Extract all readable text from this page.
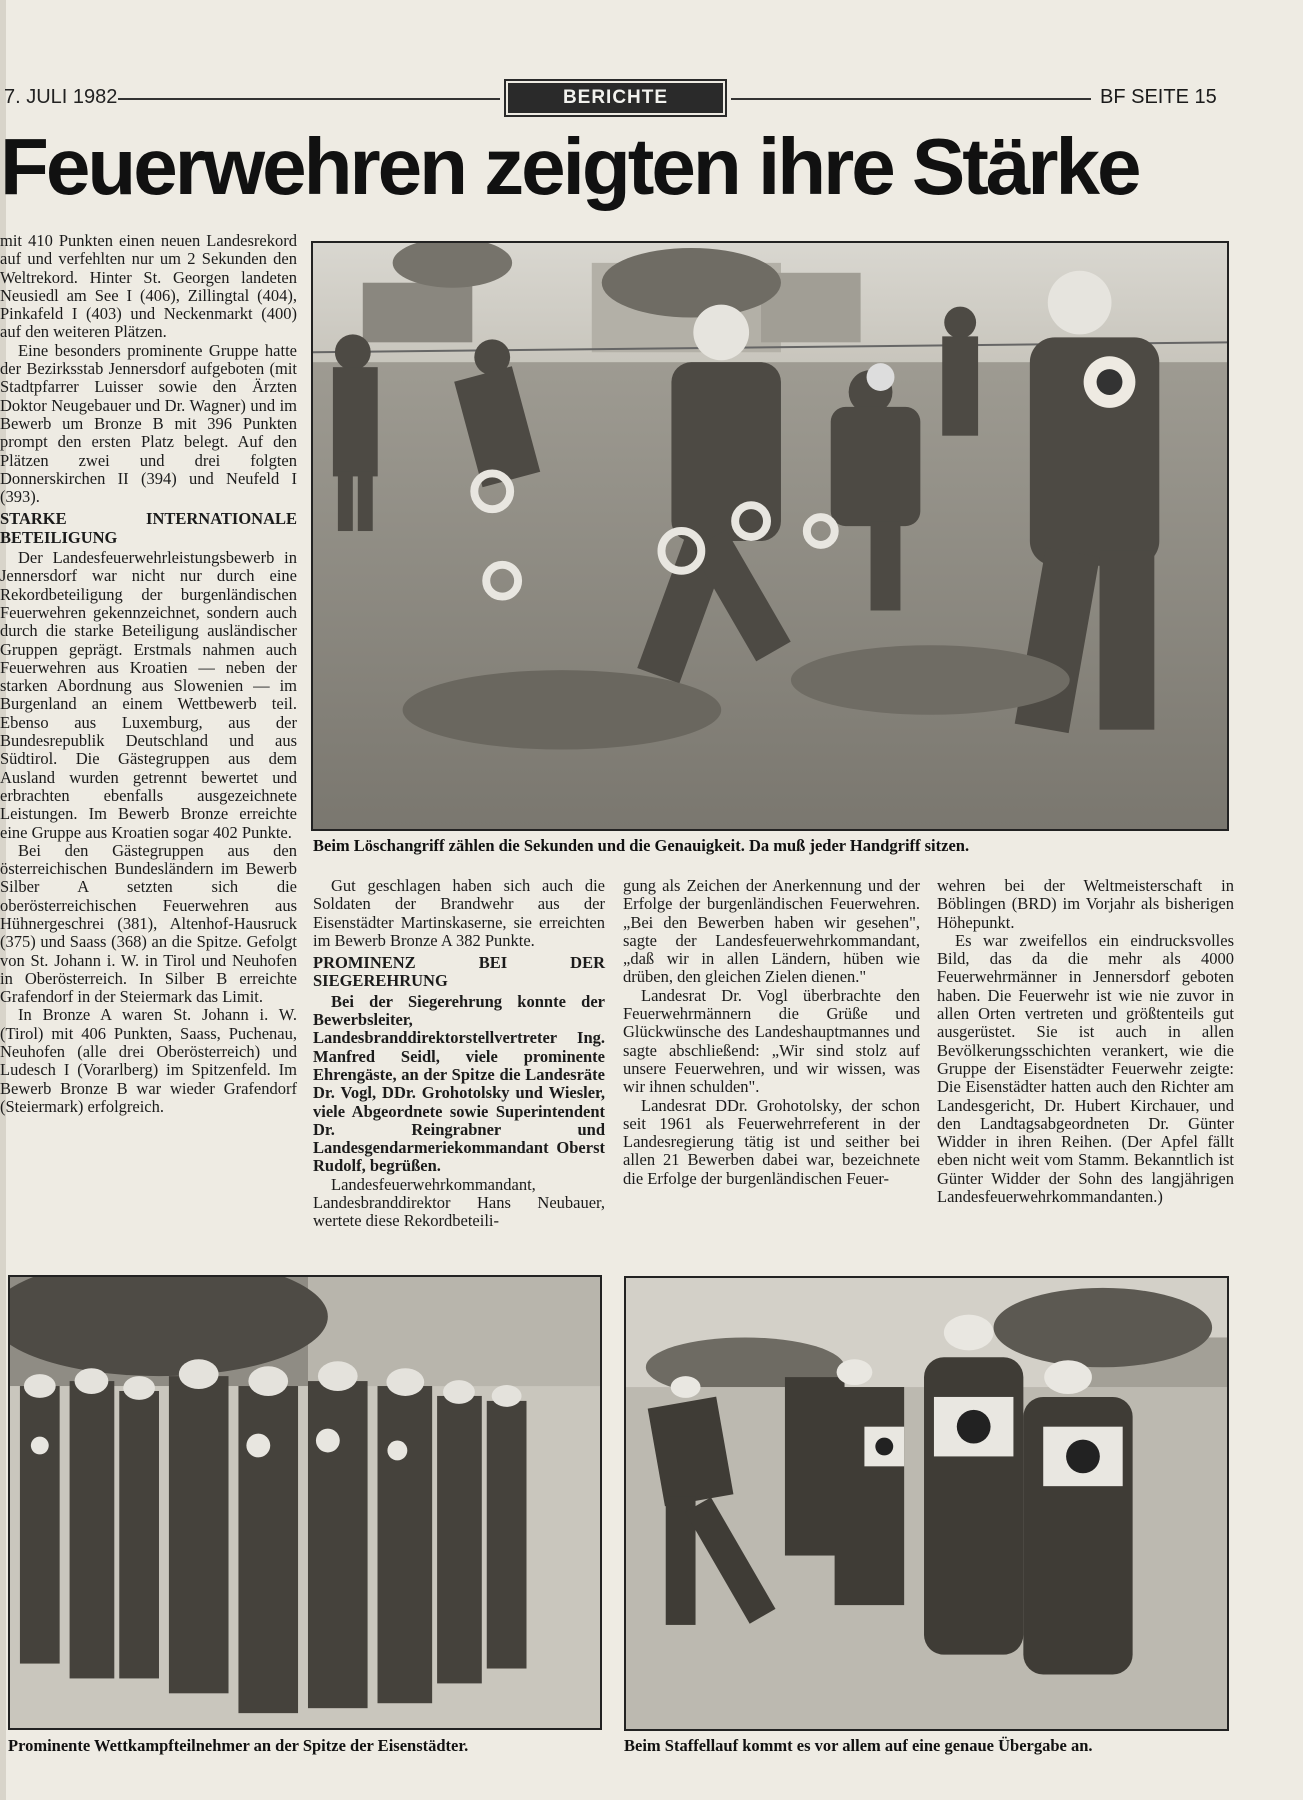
7. JULI 1982	BERICHTE	BF SEITE 15
Feuerwehren zeigten ihre Stärke

mit 410 Punkten einen neuen Landesrekord auf und verfehlten nur um 2 Sekunden den Weltrekord. Hinter St. Georgen landeten Neusiedl am See I (406), Zillingtal (404), Pinkafeld I (403) und Neckenmarkt (400) auf den weiteren Plätzen.

Eine besonders prominente Gruppe hatte der Bezirksstab Jennersdorf aufgeboten (mit Stadtpfarrer Luisser sowie den Ärzten Doktor Neugebauer und Dr. Wagner) und im Bewerb um Bronze B mit 396 Punkten prompt den ersten Platz belegt. Auf den Plätzen zwei und drei folgten Donnerskirchen II (394) und Neufeld I (393).

STARKE INTERNATIONALE BETEILIGUNG

Der Landesfeuerwehrleistungsbewerb in Jennersdorf war nicht nur durch eine Rekordbeteiligung der burgenländischen Feuerwehren gekennzeichnet, sondern auch durch die starke Beteiligung ausländischer Gruppen geprägt. Erstmals nahmen auch Feuerwehren aus Kroatien — neben der starken Abordnung aus Slowenien — im Burgenland an einem Wettbewerb teil. Ebenso aus Luxemburg, aus der Bundesrepublik Deutschland und aus Südtirol. Die Gästegruppen aus dem Ausland wurden getrennt bewertet und erbrachten ebenfalls ausgezeichnete Leistungen. Im Bewerb Bronze erreichte eine Gruppe aus Kroatien sogar 402 Punkte.

Bei den Gästegruppen aus den österreichischen Bundesländern im Bewerb Silber A setzten sich die oberösterreichischen Feuerwehren aus Hühnergeschrei (381), Altenhof-Hausruck (375) und Saass (368) an die Spitze. Gefolgt von St. Johann i. W. in Tirol und Neuhofen in Oberösterreich. In Silber B erreichte Grafendorf in der Steiermark das Limit.

In Bronze A waren St. Johann i. W. (Tirol) mit 406 Punkten, Saass, Puchenau, Neuhofen (alle drei Oberösterreich) und Ludesch I (Vorarlberg) im Spitzenfeld. Im Bewerb Bronze B war wieder Grafendorf (Steiermark) erfolgreich.

Beim Löschangriff zählen die Sekunden und die Genauigkeit. Da muß jeder Handgriff sitzen.

Gut geschlagen haben sich auch die Soldaten der Brandwehr aus der Eisenstädter Martinskaserne, sie erreichten im Bewerb Bronze A 382 Punkte.

PROMINENZ BEI DER SIEGEREHRUNG

Bei der Siegerehrung konnte der Bewerbsleiter, Landesbranddirektorstellvertreter Ing. Manfred Seidl, viele prominente Ehrengäste, an der Spitze die Landesräte Dr. Vogl, DDr. Grohotolsky und Wiesler, viele Abgeordnete sowie Superintendent Dr. Reingrabner und Landesgendarmeriekommandant Oberst Rudolf, begrüßen.

Landesfeuerwehrkommandant, Landesbranddirektor Hans Neubauer, wertete diese Rekordbeteili-

gung als Zeichen der Anerkennung und der Erfolge der burgenländischen Feuerwehren. „Bei den Bewerben haben wir gesehen", sagte der Landesfeuerwehrkommandant, „daß wir in allen Ländern, hüben wie drüben, den gleichen Zielen dienen."

Landesrat Dr. Vogl überbrachte den Feuerwehrmännern die Grüße und Glückwünsche des Landeshauptmannes und sagte abschließend: „Wir sind stolz auf unsere Feuerwehren, und wir wissen, was wir ihnen schulden".

Landesrat DDr. Grohotolsky, der schon seit 1961 als Feuerwehrreferent in der Landesregierung tätig ist und seither bei allen 21 Bewerben dabei war, bezeichnete die Erfolge der burgenländischen Feuer-

wehren bei der Weltmeisterschaft in Böblingen (BRD) im Vorjahr als bisherigen Höhepunkt.

Es war zweifellos ein eindrucksvolles Bild, das da die mehr als 4000 Feuerwehrmänner in Jennersdorf geboten haben. Die Feuerwehr ist wie nie zuvor in allen Orten vertreten und größtenteils gut ausgerüstet. Sie ist auch in allen Bevölkerungsschichten verankert, wie die Gruppe der Eisenstädter Feuerwehr zeigte: Die Eisenstädter hatten auch den Richter am Landesgericht, Dr. Hubert Kirchauer, und den Landtagsabgeordneten Dr. Günter Widder in ihren Reihen. (Der Apfel fällt eben nicht weit vom Stamm. Bekanntlich ist Günter Widder der Sohn des langjährigen Landesfeuerwehrkommandanten.)

Prominente Wettkampfteilnehmer an der Spitze der Eisenstädter.	Beim Staffellauf kommt es vor allem auf eine genaue Übergabe an.
